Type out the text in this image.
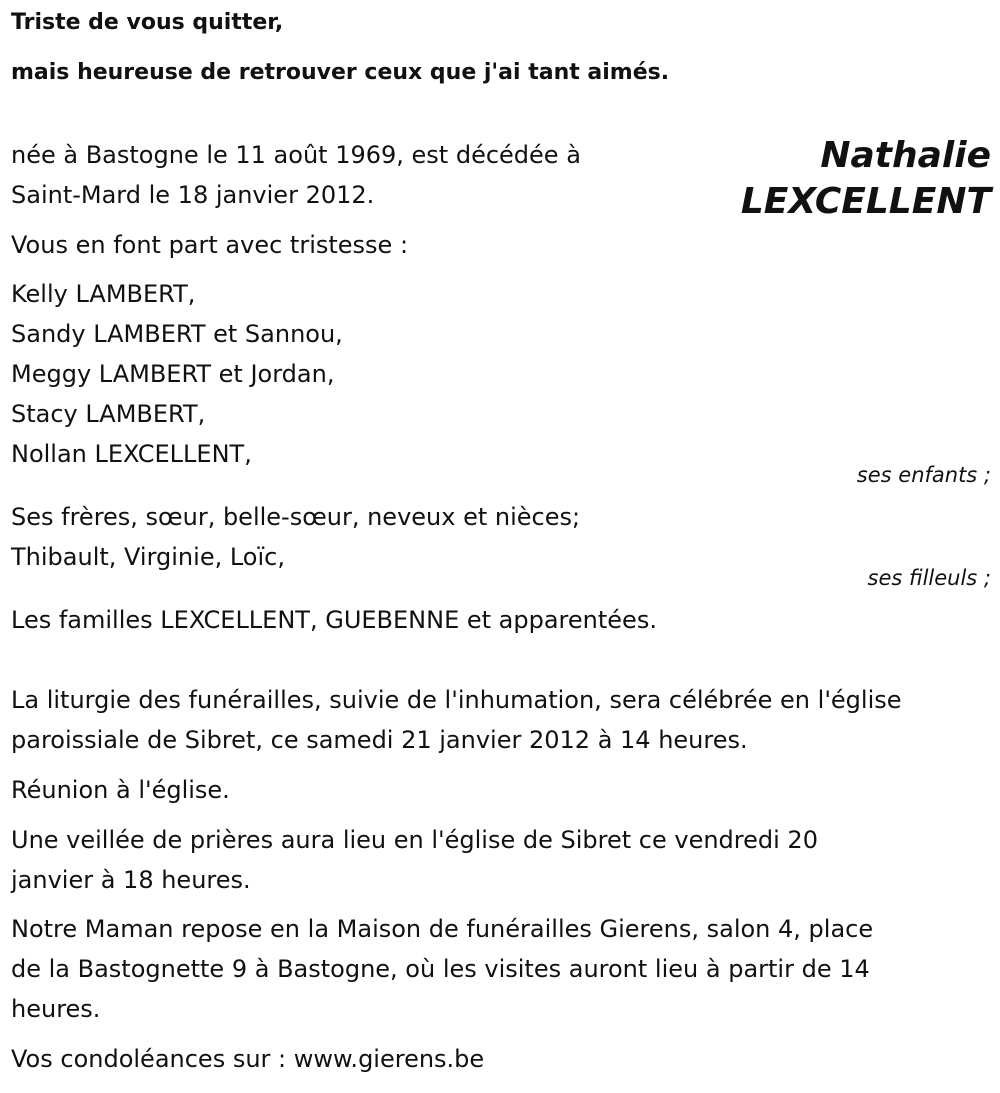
Triste de vous quitter,
mais heureuse de retrouver ceux que j'ai tant aimés.
Nathalie
LEXCELLENT
née à Bastogne le 11 août 1969, est décédée à
Saint-Mard le 18 janvier 2012.
Vous en font part avec tristesse :
Kelly LAMBERT,
Sandy LAMBERT et Sannou,
Meggy LAMBERT et Jordan,
Stacy LAMBERT,
Nollan LEXCELLENT,
ses enfants ;
Ses frères, sœur, belle-sœur, neveux et nièces;
Thibault, Virginie, Loïc,
ses filleuls ;
Les familles LEXCELLENT, GUEBENNE et apparentées.
La liturgie des funérailles, suivie de l'inhumation, sera célébrée en l'église
paroissiale de Sibret, ce samedi 21 janvier 2012 à 14 heures.
Réunion à l'église.
Une veillée de prières aura lieu en l'église de Sibret ce vendredi 20
janvier à 18 heures.
Notre Maman repose en la Maison de funérailles Gierens, salon 4, place
de la Bastognette 9 à Bastogne, où les visites auront lieu à partir de 14
heures.
Vos condoléances sur : www.gierens.be
